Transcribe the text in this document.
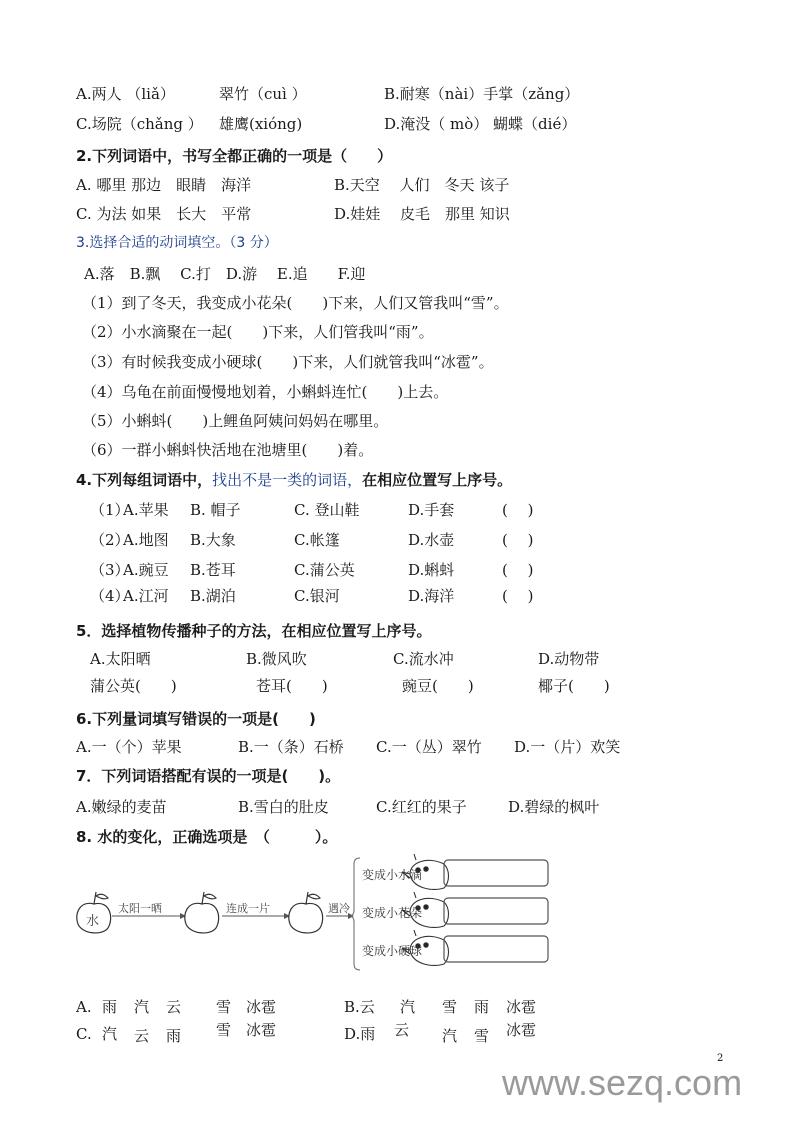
A.两人 （liǎ）	翠竹（cuì ）	B.耐寒（nài）手掌（zǎng）
C.场院（chǎng ） 雄鹰(xióng)	D.淹没（ mò） 蝴蝶（dié）
2.下列词语中，书写全都正确的一项是（　　）
A. 哪里 那边　眼睛　海洋	B.天空　 人们　冬天 该子
C. 为法 如果　长大　平常	D.娃娃　 皮毛　那里 知识
3.选择合适的动词填空。（3 分）
A.落　B.飘　 C.打　D.游　 E.追　　F.迎
（1）到了冬天，我变成小花朵(　　)下来，人们又管我叫“雪”。
（2）小水滴聚在一起(　　)下来，人们管我叫“雨”。
（3）有时候我变成小硬球(　　)下来，人们就管我叫“冰雹”。
（4）乌龟在前面慢慢地划着，小蝌蚪连忙(　　)上去。
（5）小蝌蚪(　　)上鲤鱼阿姨问妈妈在哪里。
（6）一群小蝌蚪快活地在池塘里(　　)着。
4.下列每组词语中，找出不是一类的词语，在相应位置写上序号。
（1）
A.苹果 B. 帽子	C. 登山鞋	D.手套	(　 )
（2）
A.地图 B.大象	C.帐篷	D.水壶	(　 )
（3）
A.豌豆 B.苍耳	C.蒲公英	D.蝌蚪	(　 )
（4）
A.江河 B.湖泊	C.银河	D.海洋	(　 )
5．选择植物传播种子的方法，在相应位置写上序号。
A.太阳晒	B.微风吹	C.流水冲	D.动物带
蒲公英(　　)	苍耳(　　)	豌豆(　　)	椰子(　　)
6.下列量词填写错误的一项是(　　)
A.一（个）苹果	B.一（条）石桥 C.一（丛）翠竹 D.一（片）欢笑
7．下列词语搭配有误的一项是(　　)。
A.嫩绿的麦苗	B.雪白的肚皮	C.红红的果子	D.碧绿的枫叶
8. 水的变化，正确选项是　（　　　）。
水
太阳一晒	连成一片	遇冷
变成小水滴
变成小花朵
变成小硬球
A. 雨 汽 云 雪 冰雹	B.云 汽 雪 雨 冰雹
C. 汽 云 雨 雪 冰雹	D.雨 云 汽 雪 冰雹
2
www.sezq.com
